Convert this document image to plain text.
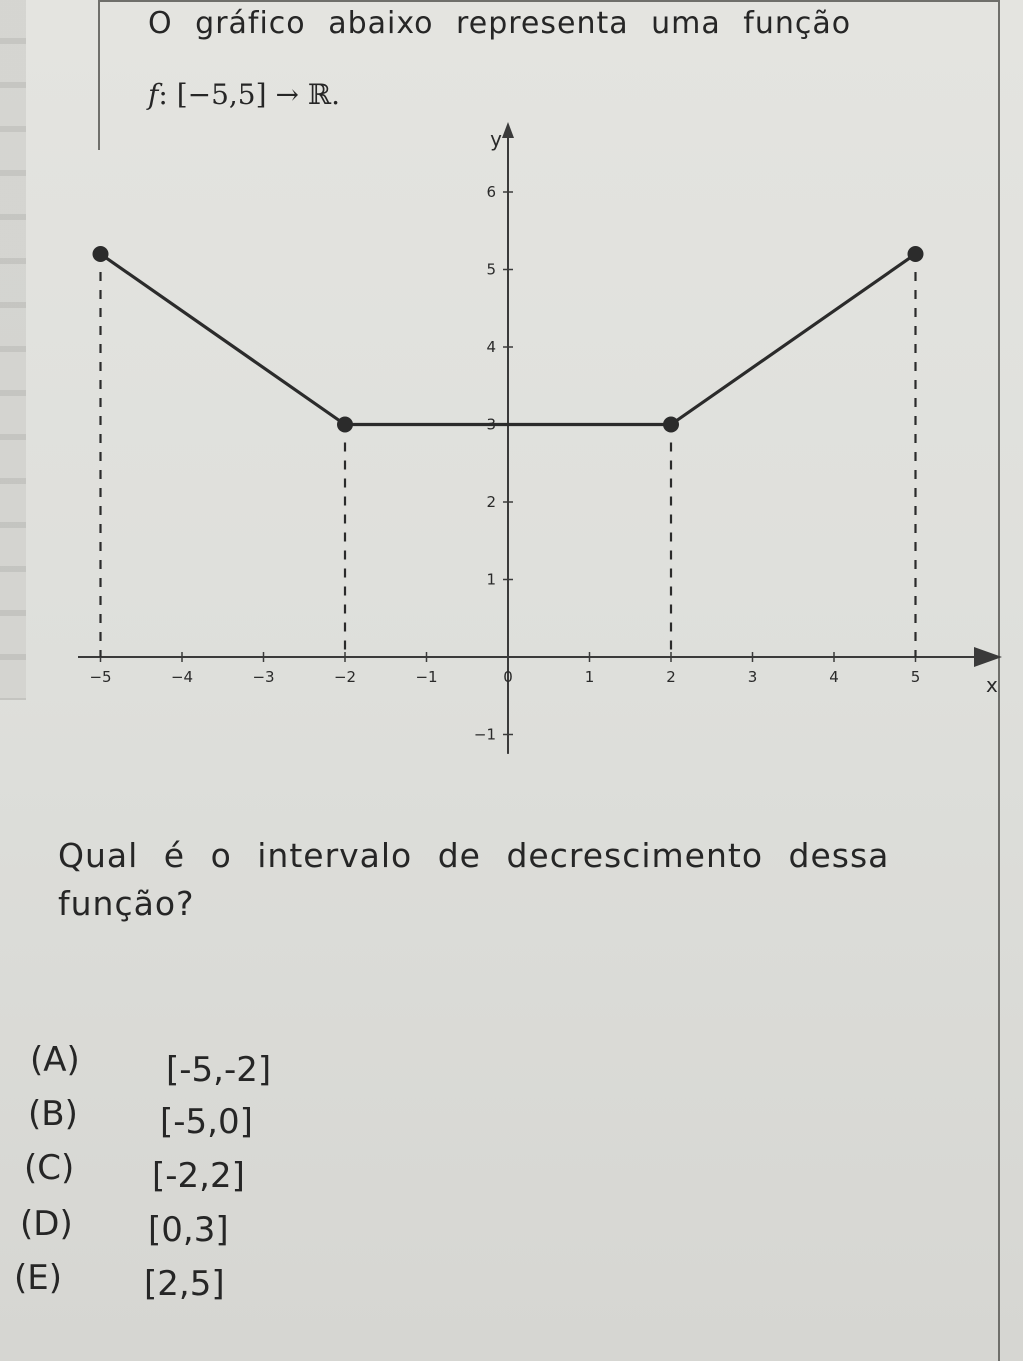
O gráfico abaixo representa uma função
f: [−5,5] → ℝ.
x
y
−5	−4	−3	−2	−1	0	1	2	3	4	5
6
5
4
3
2
1
−1
Qual é o intervalo de decrescimento dessa
função?
(A)	[-5,-2]
(B) [-5,0]
(C) [-2,2]
(D) [0,3]
(E) [2,5]
